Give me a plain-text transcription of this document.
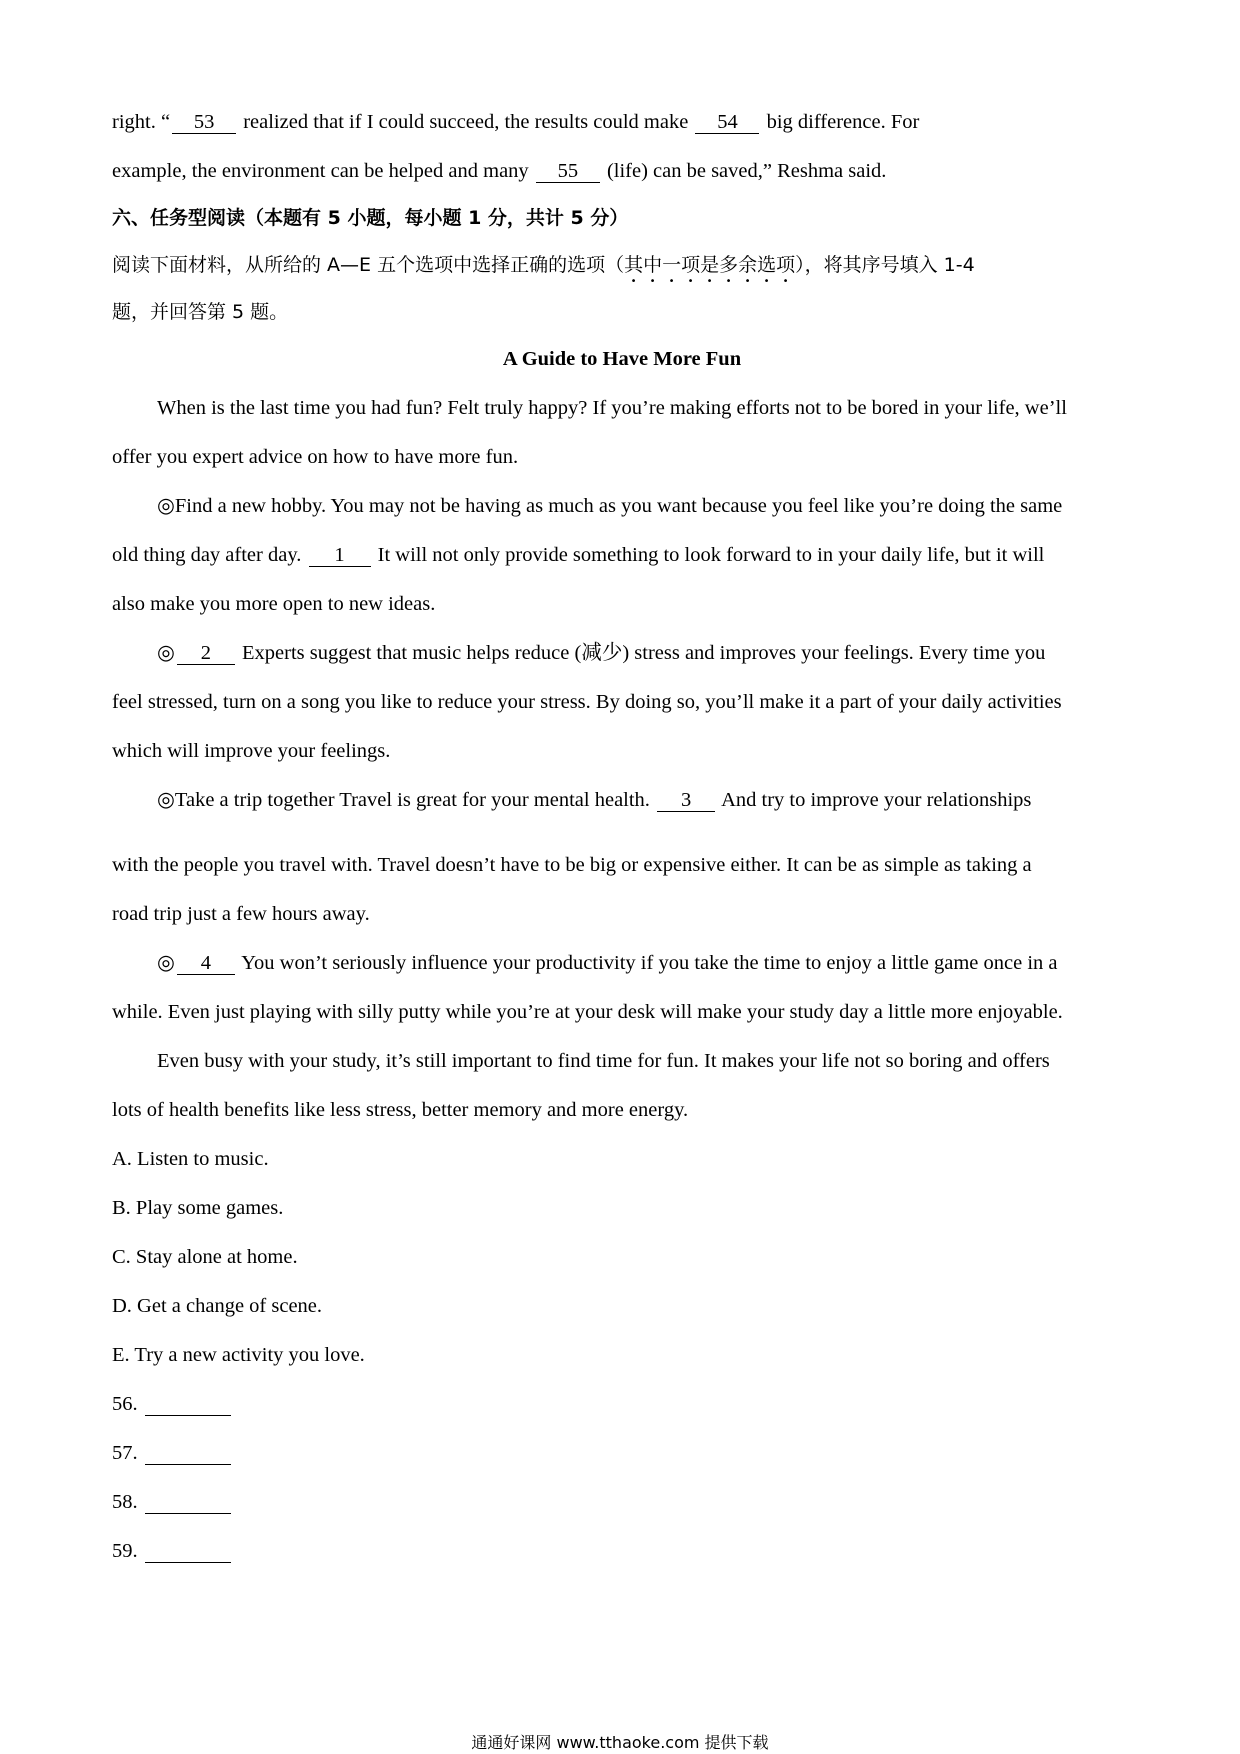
right. “ 53 realized that if I could succeed, the results could make 54 big difference. For
example, the environment can be helped and many 55 (life) can be saved,” Reshma said.
六、任务型阅读（本题有 5 小题，每小题 1 分，共计 5 分）
阅读下面材料，从所给的 A—E 五个选项中选择正确的选项（其中一项是多余选项），将其序号填入 1-4
题，并回答第 5 题。
A Guide to Have More Fun
When is the last time you had fun? Felt truly happy? If you’re making efforts not to be bored in your life, we’ll
offer you expert advice on how to have more fun.
◎Find a new hobby. You may not be having as much as you want because you feel like you’re doing the same
old thing day after day. 1 It will not only provide something to look forward to in your daily life, but it will
also make you more open to new ideas.
◎ 2 Experts suggest that music helps reduce (减少) stress and improves your feelings. Every time you
feel stressed, turn on a song you like to reduce your stress. By doing so, you’ll make it a part of your daily activities
which will improve your feelings.
◎Take a trip together Travel is great for your mental health. 3 And try to improve your relationships
with the people you travel with. Travel doesn’t have to be big or expensive either. It can be as simple as taking a
road trip just a few hours away.
◎ 4 You won’t seriously influence your productivity if you take the time to enjoy a little game once in a
while. Even just playing with silly putty while you’re at your desk will make your study day a little more enjoyable.
Even busy with your study, it’s still important to find time for fun. It makes your life not so boring and offers
lots of health benefits like less stress, better memory and more energy.
A. Listen to music.
B. Play some games.
C. Stay alone at home.
D. Get a change of scene.
E. Try a new activity you love.
56.
57.
58.
59.
通通好课网 www.tthaoke.com 提供下载
